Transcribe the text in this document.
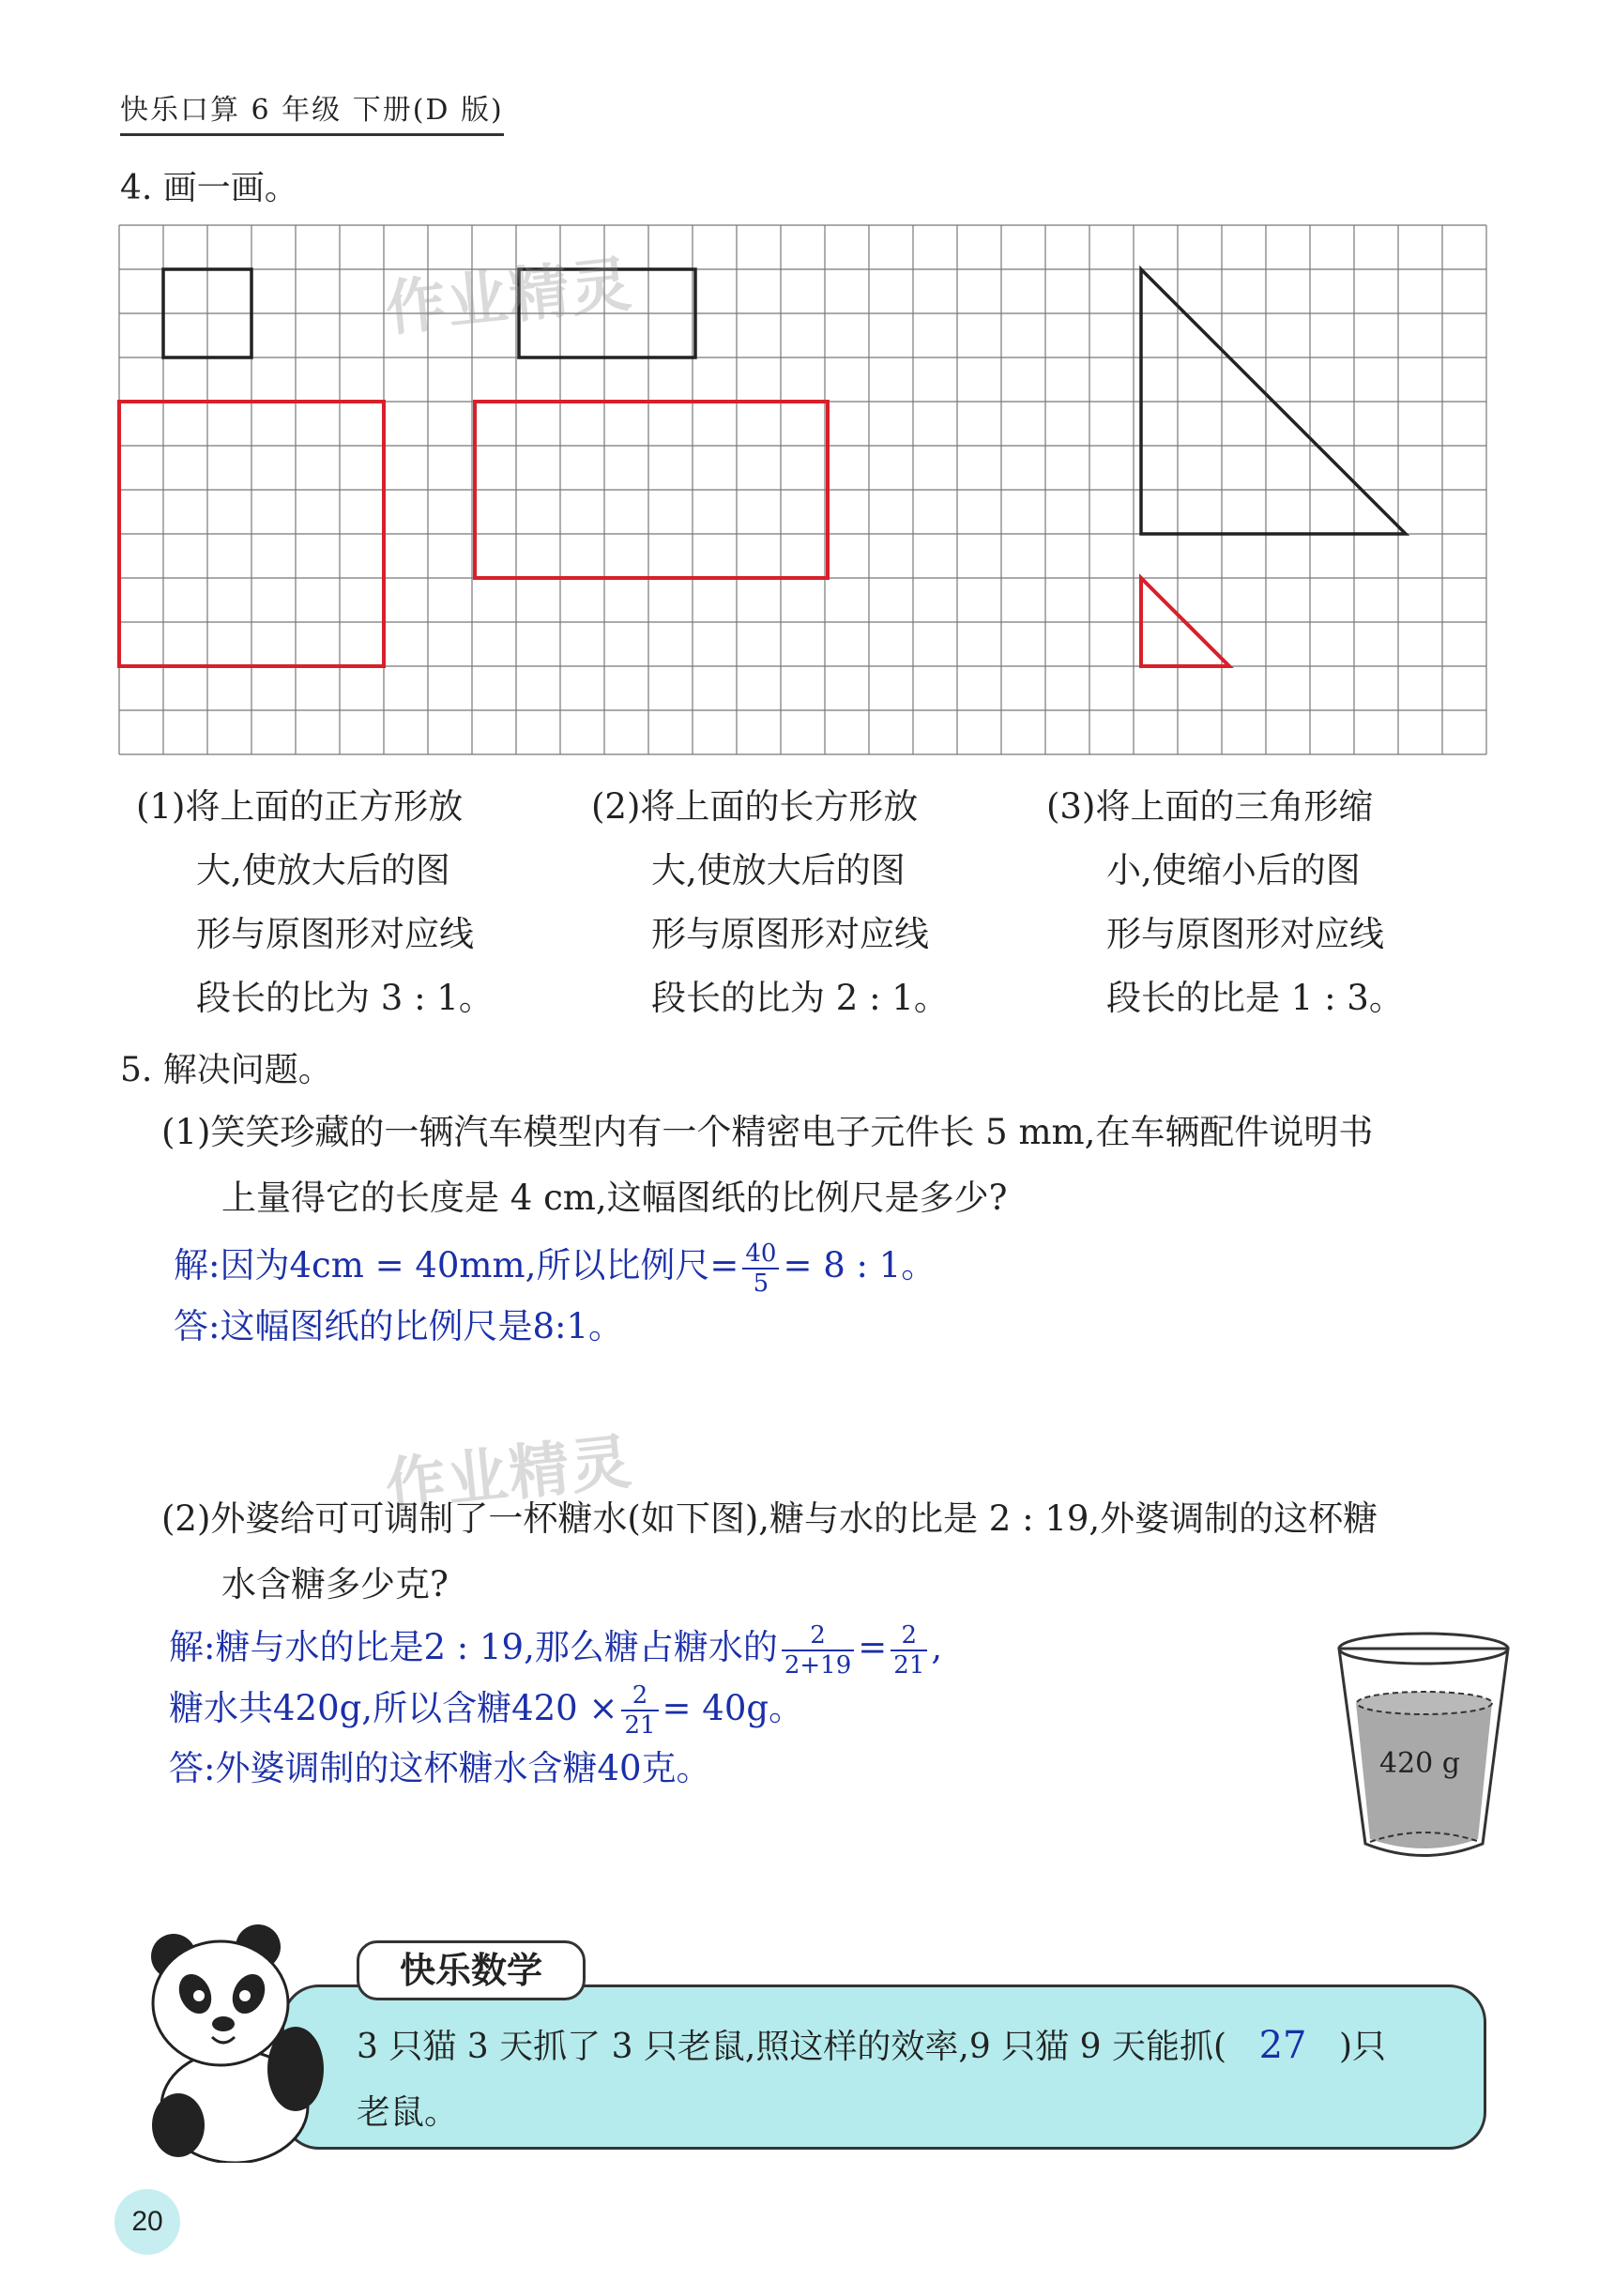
快乐口算 6 年级 下册(D 版)
4. 画一画。
作业精灵
作业精灵
(1)将上面的正方形放
大,使放大后的图
形与原图形对应线
段长的比为 3 : 1。
(2)将上面的长方形放
大,使放大后的图
形与原图形对应线
段长的比为 2 : 1。
(3)将上面的三角形缩
小,使缩小后的图
形与原图形对应线
段长的比是 1 : 3。
5. 解决问题。
(1)笑笑珍藏的一辆汽车模型内有一个精密电子元件长 5 mm,在车辆配件说明书
上量得它的长度是 4 cm,这幅图纸的比例尺是多少?
解:因为4cm = 40mm,所以比例尺= $\frac{40}{5} = 8$ : 1。
答:这幅图纸的比例尺是8:1。
(2)外婆给可可调制了一杯糖水(如下图),糖与水的比是 2 : 19,外婆调制的这杯糖
水含糖多少克?
解:糖与水的比是2 : 19,那么糖占糖水的 $\frac{2}{2+19} = \frac{2}{21}$ ,
糖水共420g,所以含糖$420 \times \frac{2}{21} = 40g$。
答:外婆调制的这杯糖水含糖40克。	420 g
快乐数学
3 只猫 3 天抓了 3 只老鼠,照这样的效率,9 只猫 9 天能抓( 27 )只
老鼠。
20
